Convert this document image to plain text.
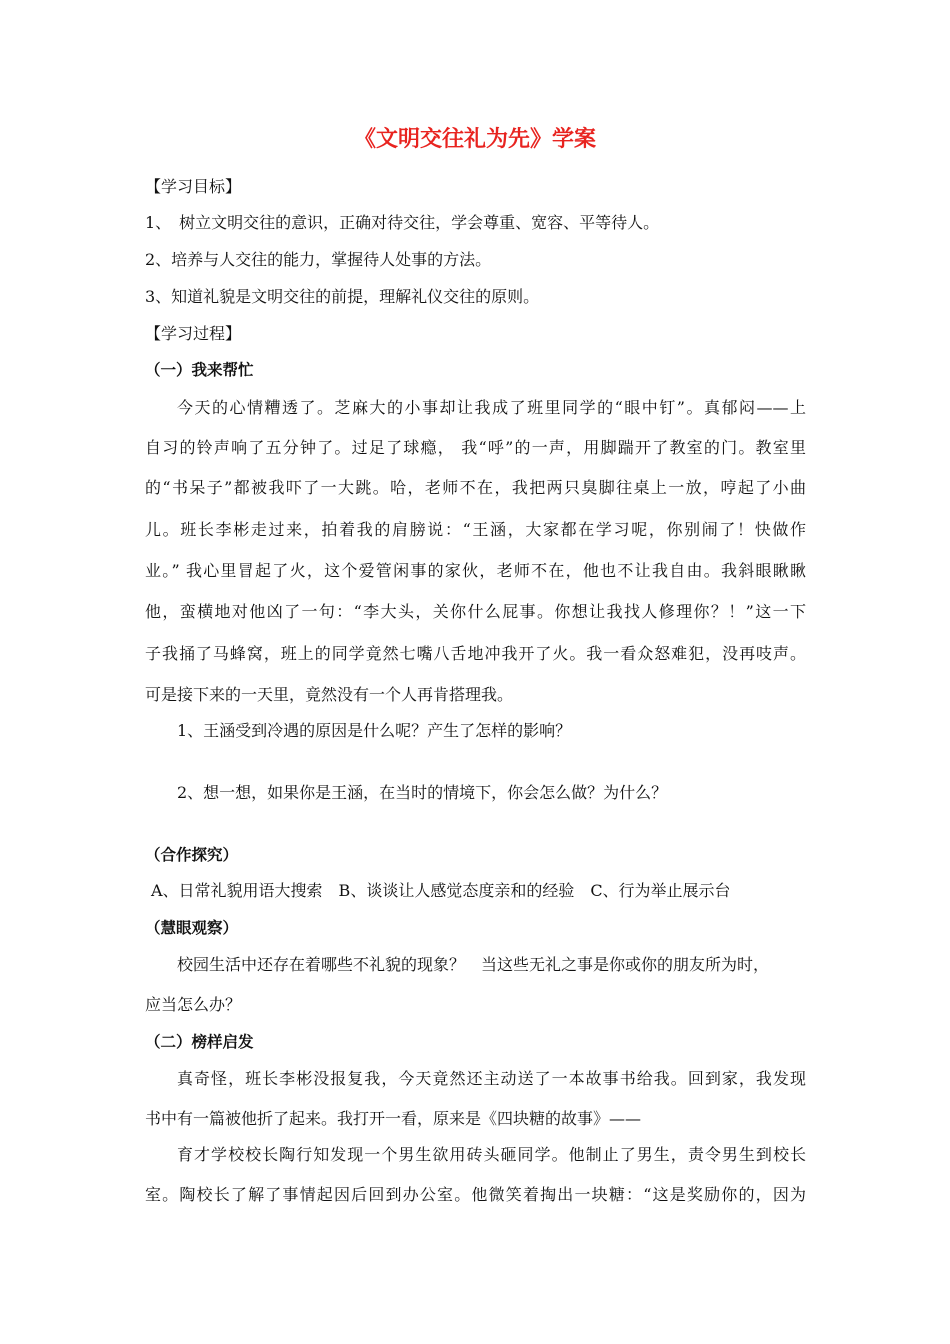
《文明交往礼为先》学案
【学习目标】
1、　树立文明交往的意识，正确对待交往，学会尊重、宽容、平等待人。
2、培养与人交往的能力，掌握待人处事的方法。
3、知道礼貌是文明交往的前提，理解礼仪交往的原则。
【学习过程】
（一）我来帮忙
今天的心情糟透了。芝麻大的小事却让我成了班里同学的“眼中钉”。真郁闷——上
自习的铃声响了五分钟了。过足了球瘾， 我“呼”的一声，用脚踹开了教室的门。教室里
的“书呆子”都被我吓了一大跳。哈，老师不在，我把两只臭脚往桌上一放，哼起了小曲
儿。班长李彬走过来，拍着我的肩膀说：“王涵，大家都在学习呢，你别闹了！快做作
业。” 我心里冒起了火，这个爱管闲事的家伙，老师不在，他也不让我自由。我斜眼瞅瞅
他，蛮横地对他凶了一句：“李大头，关你什么屁事。你想让我找人修理你？！”这一下
子我捅了马蜂窝，班上的同学竟然七嘴八舌地冲我开了火。我一看众怒难犯，没再吱声。
可是接下来的一天里，竟然没有一个人再肯搭理我。
1、王涵受到冷遇的原因是什么呢？产生了怎样的影响？
2、想一想，如果你是王涵，在当时的情境下，你会怎么做？为什么？
（合作探究）
A、日常礼貌用语大搜索　B、谈谈让人感觉态度亲和的经验　C、行为举止展示台
（慧眼观察）
校园生活中还存在着哪些不礼貌的现象？　当这些无礼之事是你或你的朋友所为时，
应当怎么办？
（二）榜样启发
真奇怪，班长李彬没报复我，今天竟然还主动送了一本故事书给我。回到家，我发现
书中有一篇被他折了起来。我打开一看，原来是《四块糖的故事》——
育才学校校长陶行知发现一个男生欲用砖头砸同学。他制止了男生，责令男生到校长
室。陶校长了解了事情起因后回到办公室。他微笑着掏出一块糖：“这是奖励你的，因为
